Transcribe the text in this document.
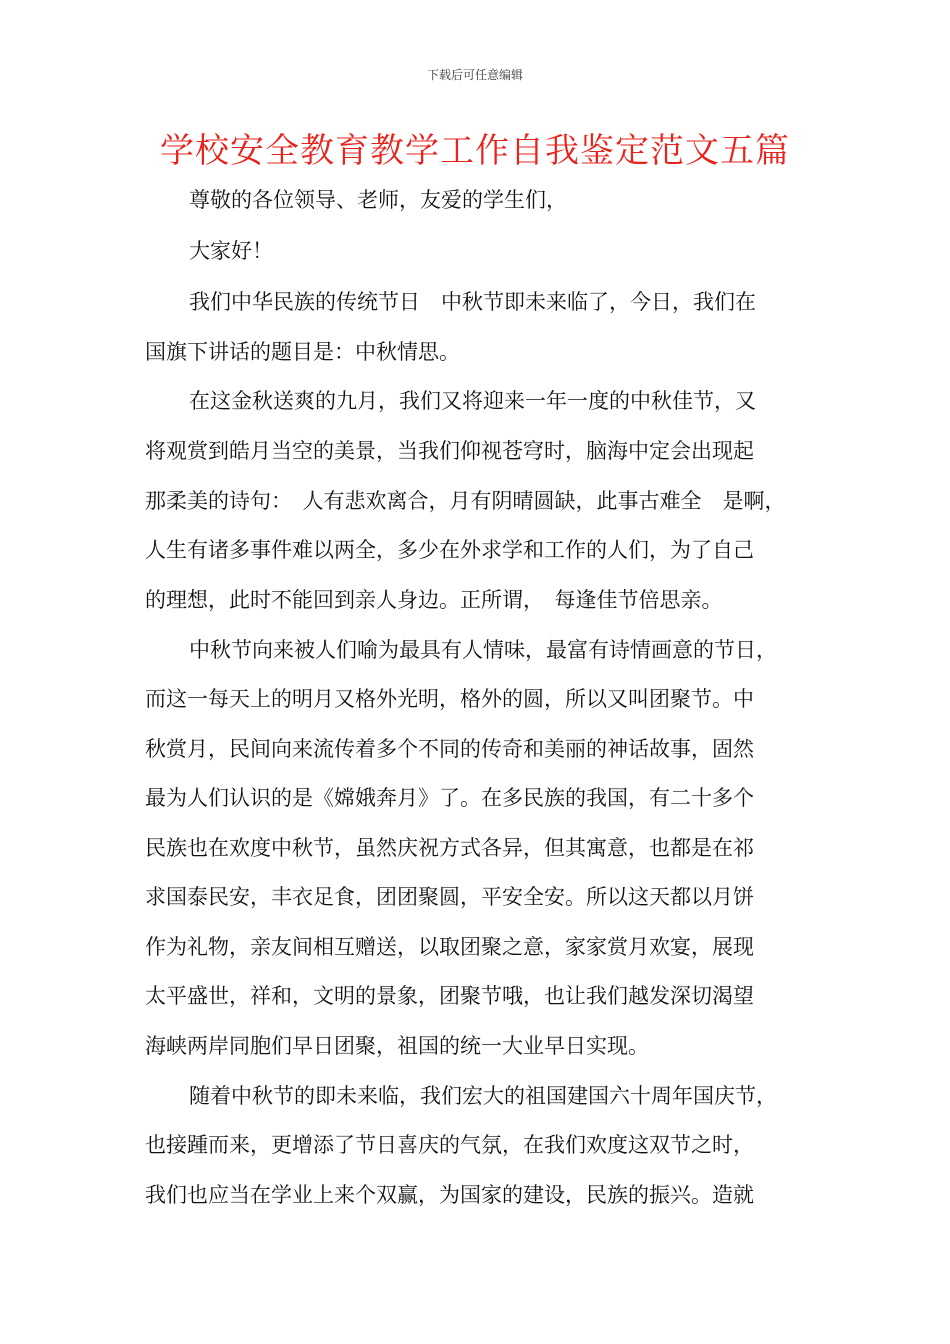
下载后可任意编辑
学校安全教育教学工作自我鉴定范文五篇

尊敬的各位领导、老师，友爱的学生们，

大家好！

我们中华民族的传统节日　中秋节即未来临了，今日，我们在

国旗下讲话的题目是：中秋情思。

在这金秋送爽的九月，我们又将迎来一年一度的中秋佳节，又

将观赏到皓月当空的美景，当我们仰视苍穹时，脑海中定会出现起

那柔美的诗句：　人有悲欢离合，月有阴晴圆缺，此事古难全　是啊，

人生有诸多事件难以两全，多少在外求学和工作的人们，为了自己

的理想，此时不能回到亲人身边。正所谓，　每逢佳节倍思亲。

中秋节向来被人们喻为最具有人情味，最富有诗情画意的节日，

而这一每天上的明月又格外光明，格外的圆，所以又叫团聚节。中

秋赏月，民间向来流传着多个不同的传奇和美丽的神话故事，固然

最为人们认识的是《嫦娥奔月》了。在多民族的我国，有二十多个

民族也在欢度中秋节，虽然庆祝方式各异，但其寓意，也都是在祁

求国泰民安，丰衣足食，团团聚圆，平安全安。所以这天都以月饼

作为礼物，亲友间相互赠送，以取团聚之意，家家赏月欢宴，展现

太平盛世，祥和，文明的景象，团聚节哦，也让我们越发深切渴望

海峡两岸同胞们早日团聚，祖国的统一大业早日实现。

随着中秋节的即未来临，我们宏大的祖国建国六十周年国庆节，

也接踵而来，更增添了节日喜庆的气氛，在我们欢度这双节之时，

我们也应当在学业上来个双赢，为国家的建设，民族的振兴。造就
